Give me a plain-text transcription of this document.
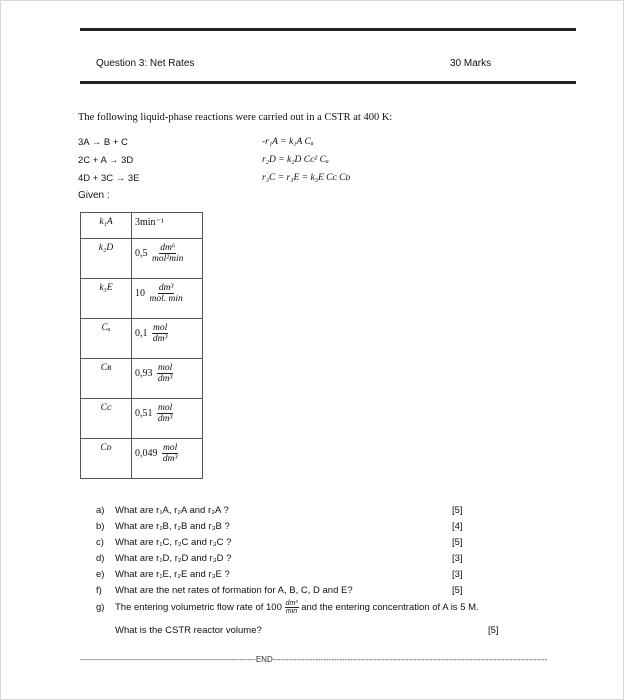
Question 3: Net Rates	30 Marks
The following liquid-phase reactions were carried out in a CSTR at 400 K:
3A → B + C
2C + A → 3D
4D + 3C → 3E
-r₁A = k₁A Cₐ
r₂D = k₂D Cᴄ² Cₐ
r₃C = r₃E = k₃E Cᴄ Cᴅ
Given :
k₁A	3min⁻¹
k₂D	$0,5 \frac{\text{dm⁶}}{\text{mol²min}}$

k₃E	$10 \frac{\text{dm³}}{\text{mol. min}}$

Cₐ	$0,1 \frac{\text{mol}}{\text{dm³}}$

Cʙ	$0,93 \frac{\text{mol}}{\text{dm³}}$

Cᴄ	$0,51 \frac{\text{mol}}{\text{dm³}}$

Cᴅ	$0,049 \frac{\text{mol}}{\text{dm³}}$
a) What are r₁A, r₂A and r₃A ?	[5]
b) What are r₁B, r₂B and r₃B ?	[4]
c) What are r₁C, r₂C and r₃C ?	[5]
d) What are r₁D, r₂D and r₃D ?	[3]
e) What are r₁E, r₂E and r₃E ?	[3]
f) What are the net rates of formation for A, B, C, D and E?	[5]
g) The entering volumetric flow rate of $100 \frac{\text{dm³}}{\min}$ and the entering concentration of A is 5 M.
What is the CSTR reactor volume?	[5]
------------------------------------------------------------------END-------------------------------------------------------------------------------------------------------
